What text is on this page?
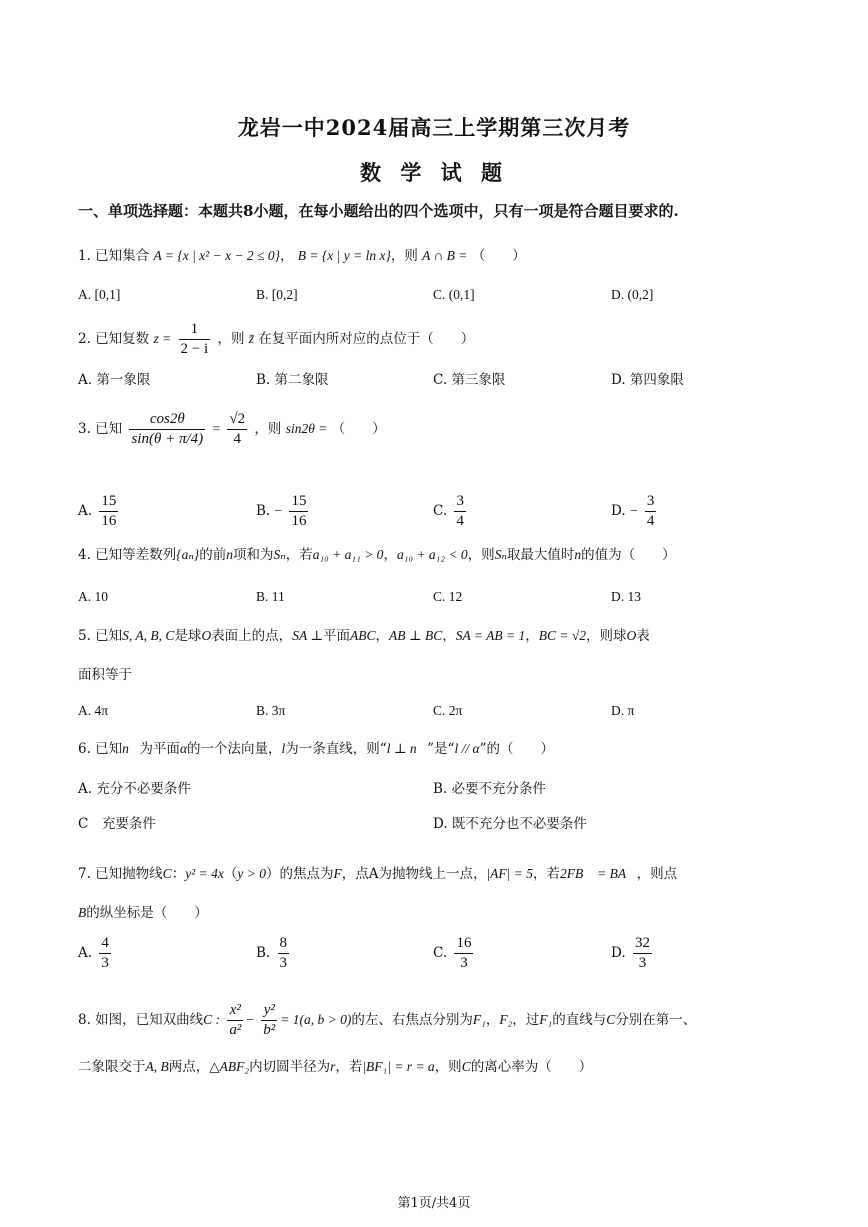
龙岩一中2024届高三上学期第三次月考
数 学 试 题
一、单项选择题：本题共8小题，在每小题给出的四个选项中，只有一项是符合题目要求的.
1. 已知集合 A = {x | x² − x − 2 ≤ 0}， B = {x | y = ln x}，则 A ∩ B = （　　）
A. [0,1]	B. [0,2]	C. (0,1]	D. (0,2]
2. 已知复数 $z = \frac{1}{2 - i}$ ，则 z̄ 在复平面内所对应的点位于（　　）
A. 第一象限	B. 第二象限	C. 第三象限	D. 第四象限
3. 已知 $\frac{\cos 2\theta}{\sin(\theta + \pi/4)} = \frac{√2}{4}$ ，则 sin2θ = （　　）
A. $\frac{15}{16}$	B. − $\frac{15}{16}$	C. $\frac{3}{4}$	D. − $\frac{3}{4}$
4. 已知等差数列{aₙ}的前n项和为Sₙ，若a₁₀ + a₁₁ > 0，a₁₀ + a₁₂ < 0，则Sₙ取最大值时n的值为（　　）
A. 10	B. 11	C. 12	D. 13
5. 已知S, A, B, C是球O表面上的点，SA ⊥平面ABC，AB ⊥ BC，SA = AB = 1，BC = √2，则球O表
面积等于
A. 4π	B. 3π	C. 2π	D. π
6. 已知n⃗为平面α的一个法向量，l为一条直线，则“l ⊥ n⃗”是“l // α”的（　　）
A. 充分不必要条件	B. 必要不充分条件
C　充要条件	D. 既不充分也不必要条件
7. 已知抛物线C：y² = 4x（y > 0）的焦点为F，点A为抛物线上一点，|AF| = 5，若2FB⃗ = BA⃗，则点
B的纵坐标是（　　）
A. $\frac{4}{3}$	B. $\frac{8}{3}$	C. $\frac{16}{3}$	D. $\frac{32}{3}$
8. 如图，已知双曲线C : $\frac{\text{x²}}{\text{a²}} - \frac{\text{y²}}{\text{b²}} = 1(a$, b > 0)的左、右焦点分别为F₁，F₂，过F₁的直线与C分别在第一、
二象限交于A, B两点，△ABF₂内切圆半径为r，若|BF₁| = r = a，则C的离心率为（　　）
第1页/共4页
